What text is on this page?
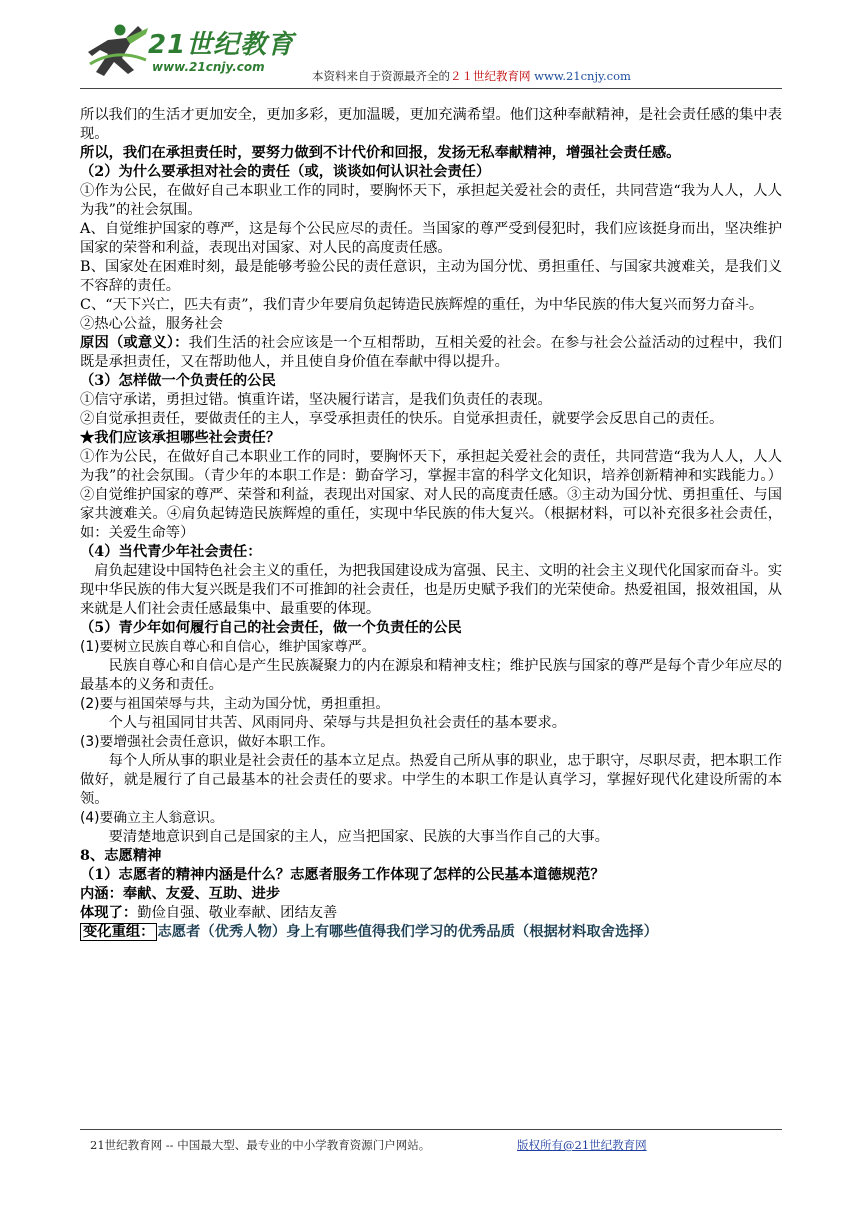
21世纪教育
www.21cnjy.com
本资料来自于资源最齐全的２１世纪教育网 www.21cnjy.com

所以我们的生活才更加安全，更加多彩，更加温暖，更加充满希望。他们这种奉献精神，是社会责任感的集中表现。

所以，我们在承担责任时，要努力做到不计代价和回报，发扬无私奉献精神，增强社会责任感。

（2）为什么要承担对社会的责任（或，谈谈如何认识社会责任）

①作为公民，在做好自己本职业工作的同时，要胸怀天下，承担起关爱社会的责任，共同营造“我为人人，人人为我”的社会氛围。

A、自觉维护国家的尊严，这是每个公民应尽的责任。当国家的尊严受到侵犯时，我们应该挺身而出，坚决维护国家的荣誉和利益，表现出对国家、对人民的高度责任感。

B、国家处在困难时刻，最是能够考验公民的责任意识，主动为国分忧、勇担重任、与国家共渡难关，是我们义不容辞的责任。

C、“天下兴亡，匹夫有责”，我们青少年要肩负起铸造民族辉煌的重任，为中华民族的伟大复兴而努力奋斗。

②热心公益，服务社会

原因（或意义）：我们生活的社会应该是一个互相帮助，互相关爱的社会。在参与社会公益活动的过程中，我们既是承担责任，又在帮助他人，并且使自身价值在奉献中得以提升。

（3）怎样做一个负责任的公民

①信守承诺，勇担过错。慎重许诺，坚决履行诺言，是我们负责任的表现。

②自觉承担责任，要做责任的主人，享受承担责任的快乐。自觉承担责任，就要学会反思自己的责任。

★我们应该承担哪些社会责任？

①作为公民，在做好自己本职业工作的同时，要胸怀天下，承担起关爱社会的责任，共同营造“我为人人，人人为我”的社会氛围。（青少年的本职工作是：勤奋学习，掌握丰富的科学文化知识，培养创新精神和实践能力。）②自觉维护国家的尊严、荣誉和利益，表现出对国家、对人民的高度责任感。③主动为国分忧、勇担重任、与国家共渡难关。④肩负起铸造民族辉煌的重任，实现中华民族的伟大复兴。（根据材料，可以补充很多社会责任，如：关爱生命等）

（4）当代青少年社会责任：

肩负起建设中国特色社会主义的重任，为把我国建设成为富强、民主、文明的社会主义现代化国家而奋斗。实现中华民族的伟大复兴既是我们不可推卸的社会责任，也是历史赋予我们的光荣使命。热爱祖国，报效祖国，从来就是人们社会责任感最集中、最重要的体现。

（5）青少年如何履行自己的社会责任，做一个负责任的公民

(1)要树立民族自尊心和自信心，维护国家尊严。

民族自尊心和自信心是产生民族凝聚力的内在源泉和精神支柱；维护民族与国家的尊严是每个青少年应尽的最基本的义务和责任。

(2)要与祖国荣辱与共，主动为国分忧，勇担重担。

个人与祖国同甘共苦、风雨同舟、荣辱与共是担负社会责任的基本要求。

(3)要增强社会责任意识，做好本职工作。

每个人所从事的职业是社会责任的基本立足点。热爱自己所从事的职业，忠于职守，尽职尽责，把本职工作做好，就是履行了自己最基本的社会责任的要求。中学生的本职工作是认真学习，掌握好现代化建设所需的本领。

(4)要确立主人翁意识。

要清楚地意识到自己是国家的主人，应当把国家、民族的大事当作自己的大事。

8、志愿精神

（1）志愿者的精神内涵是什么？志愿者服务工作体现了怎样的公民基本道德规范？

内涵：奉献、友爱、互助、进步

体现了：勤俭自强、敬业奉献、团结友善

变化重组： 志愿者（优秀人物）身上有哪些值得我们学习的优秀品质（根据材料取舍选择）

21世纪教育网 -- 中国最大型、最专业的中小学教育资源门户网站。	版权所有@21世纪教育网
